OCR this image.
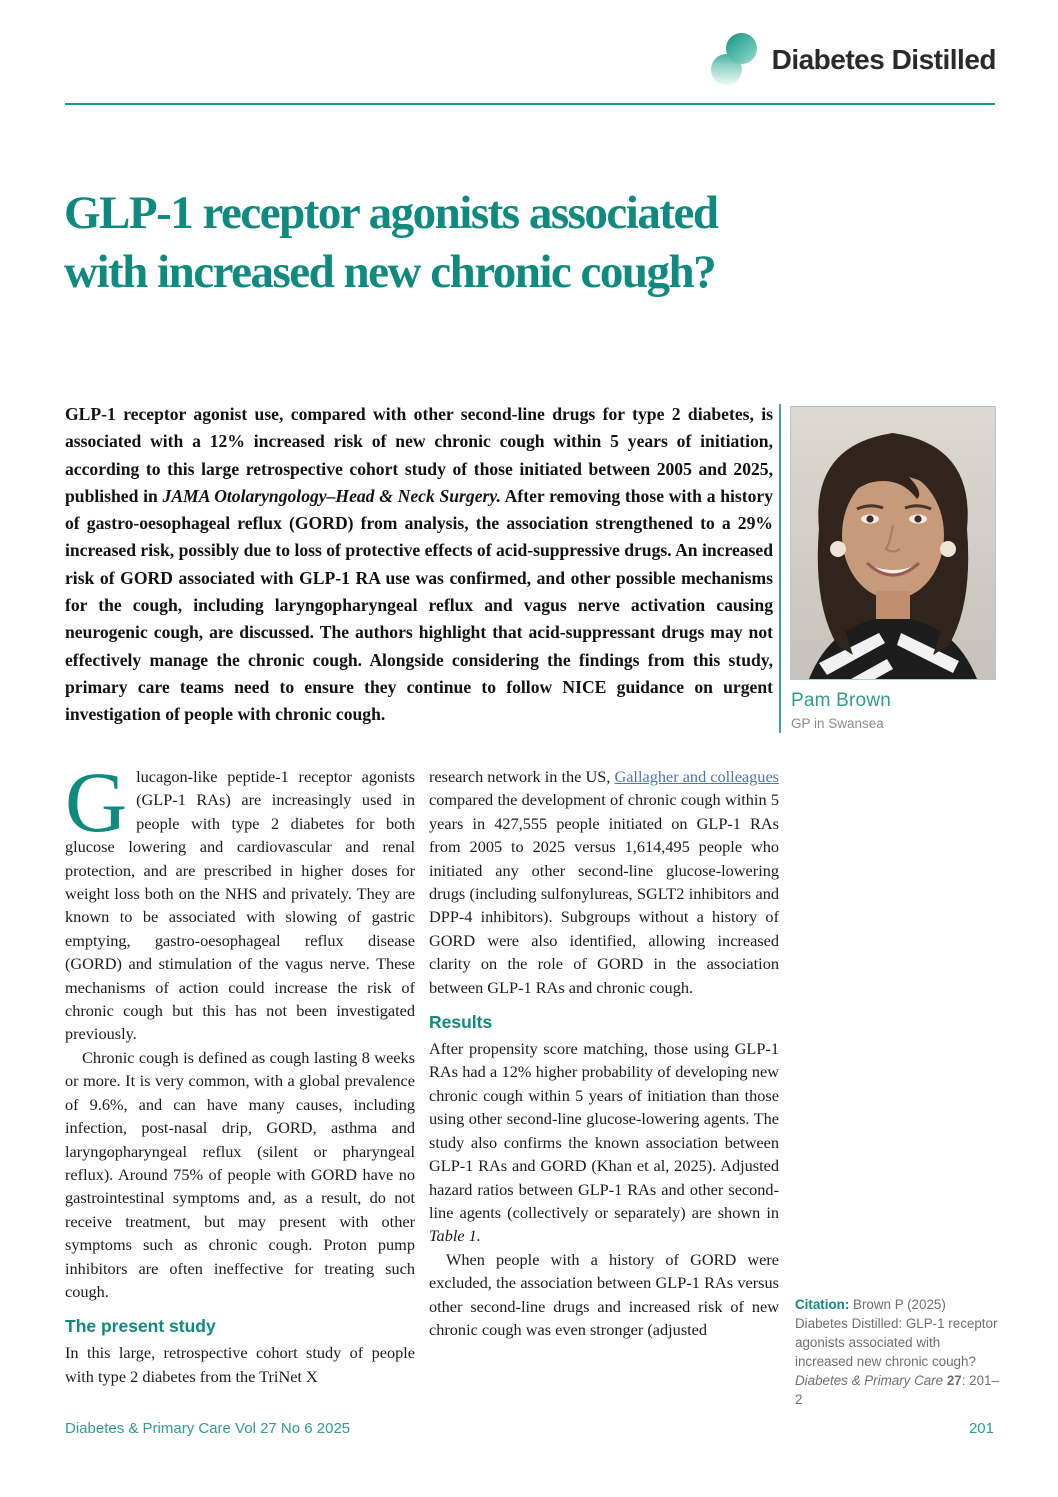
Diabetes Distilled
GLP-1 receptor agonists associated
with increased new chronic cough?
GLP-1 receptor agonist use, compared with other second-line drugs for type 2 diabetes, is associated with a 12% increased risk of new chronic cough within 5 years of initiation, according to this large retrospective cohort study of those initiated between 2005 and 2025, published in JAMA Otolaryngology–Head & Neck Surgery. After removing those with a history of gastro-oesophageal reflux (GORD) from analysis, the association strengthened to a 29% increased risk, possibly due to loss of protective effects of acid-suppressive drugs. An increased risk of GORD associated with GLP-1 RA use was confirmed, and other possible mechanisms for the cough, including laryngopharyngeal reflux and vagus nerve activation causing neurogenic cough, are discussed. The authors highlight that acid-suppressant drugs may not effectively manage the chronic cough. Alongside considering the findings from this study, primary care teams need to ensure they continue to follow NICE guidance on urgent investigation of people with chronic cough.
Pam Brown
GP in Swansea

Glucagon-like peptide-1 receptor agonists (GLP-1 RAs) are increasingly used in people with type 2 diabetes for both glucose lowering and cardiovascular and renal protection, and are prescribed in higher doses for weight loss both on the NHS and privately. They are known to be associated with slowing of gastric emptying, gastro-oesophageal reflux disease (GORD) and stimulation of the vagus nerve. These mechanisms of action could increase the risk of chronic cough but this has not been investigated previously.

Chronic cough is defined as cough lasting 8 weeks or more. It is very common, with a global prevalence of 9.6%, and can have many causes, including infection, post-nasal drip, GORD, asthma and laryngopharyngeal reflux (silent or pharyngeal reflux). Around 75% of people with GORD have no gastrointestinal symptoms and, as a result, do not receive treatment, but may present with other symptoms such as chronic cough. Proton pump inhibitors are often ineffective for treating such cough.

The present study

In this large, retrospective cohort study of people with type 2 diabetes from the TriNet X

research network in the US, Gallagher and colleagues compared the development of chronic cough within 5 years in 427,555 people initiated on GLP-1 RAs from 2005 to 2025 versus 1,614,495 people who initiated any other second-line glucose-lowering drugs (including sulfonylureas, SGLT2 inhibitors and DPP-4 inhibitors). Subgroups without a history of GORD were also identified, allowing increased clarity on the role of GORD in the association between GLP-1 RAs and chronic cough.

Results

After propensity score matching, those using GLP-1 RAs had a 12% higher probability of developing new chronic cough within 5 years of initiation than those using other second-line glucose-lowering agents. The study also confirms the known association between GLP-1 RAs and GORD (Khan et al, 2025). Adjusted hazard ratios between GLP-1 RAs and other second-line agents (collectively or separately) are shown in Table 1.

When people with a history of GORD were excluded, the association between GLP-1 RAs versus other second-line drugs and increased risk of new chronic cough was even stronger (adjusted

Citation: Brown P (2025) Diabetes Distilled: GLP-1 receptor agonists associated with increased new chronic cough? Diabetes & Primary Care 27: 201–2
Diabetes & Primary Care Vol 27 No 6 2025	201
